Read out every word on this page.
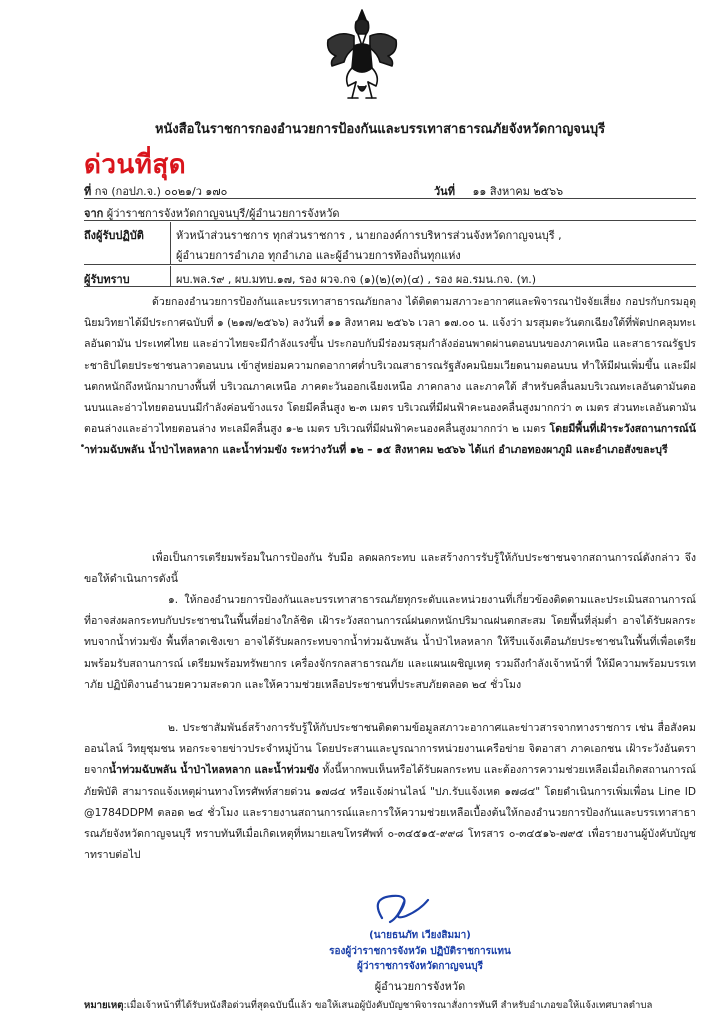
หนังสือในราชการกองอำนวยการป้องกันและบรรเทาสาธารณภัยจังหวัดกาญจนบุรี
ด่วนที่สุด
ที่ กจ (กอปภ.จ.) ๐๐๒๑/ว ๑๗๐	วันที่ ๑๑ สิงหาคม ๒๕๖๖
จาก ผู้ว่าราชการจังหวัดกาญจนบุรี/ผู้อำนวยการจังหวัด
ถึงผู้รับปฏิบัติ	หัวหน้าส่วนราชการ ทุกส่วนราชการ , นายกองค์การบริหารส่วนจังหวัดกาญจนบุรี ,
ผู้อำนวยการอำเภอ ทุกอำเภอ และผู้อำนวยการท้องถิ่นทุกแห่ง
ผู้รับทราบ	ผบ.พล.ร๙ , ผบ.มทบ.๑๗, รอง ผวจ.กจ (๑)(๒)(๓)(๔) , รอง ผอ.รมน.กจ. (ท.)

ด้วยกองอำนวยการป้องกันและบรรเทาสาธารณภัยกลาง ได้ติดตามสภาวะอากาศและพิจารณาปัจจัยเสี่ยง กอปรกับกรมอุตุนิยมวิทยาได้มีประกาศฉบับที่ ๑ (๒๑๗/๒๕๖๖) ลงวันที่ ๑๑ สิงหาคม ๒๕๖๖ เวลา ๑๗.๐๐ น. แจ้งว่า มรสุมตะวันตกเฉียงใต้ที่พัดปกคลุมทะเลอันดามัน ประเทศไทย และอ่าวไทยจะมีกำลังแรงขึ้น ประกอบกับมีร่องมรสุมกำลังอ่อนพาดผ่านตอนบนของภาคเหนือ และสาธารณรัฐประชาธิปไตยประชาชนลาวตอนบน เข้าสู่หย่อมความกดอากาศต่ำบริเวณสาธารณรัฐสังคมนิยมเวียดนามตอนบน ทำให้มีฝนเพิ่มขึ้น และมีฝนตกหนักถึงหนักมากบางพื้นที่ บริเวณภาคเหนือ ภาคตะวันออกเฉียงเหนือ ภาคกลาง และภาคใต้ สำหรับคลื่นลมบริเวณทะเลอันดามันตอนบนและอ่าวไทยตอนบนมีกำลังค่อนข้างแรง โดยมีคลื่นสูง ๒-๓ เมตร บริเวณที่มีฝนฟ้าคะนองคลื่นสูงมากกว่า ๓ เมตร ส่วนทะเลอันดามันตอนล่างและอ่าวไทยตอนล่าง ทะเลมีคลื่นสูง ๑-๒ เมตร บริเวณที่มีฝนฟ้าคะนองคลื่นสูงมากกว่า ๒ เมตร โดยมีพื้นที่เฝ้าระวังสถานการณ์น้ำท่วมฉับพลัน น้ำป่าไหลหลาก และน้ำท่วมขัง ระหว่างวันที่ ๑๒ – ๑๕ สิงหาคม ๒๕๖๖ ได้แก่ อำเภอทองผาภูมิ และอำเภอสังขละบุรี

เพื่อเป็นการเตรียมพร้อมในการป้องกัน รับมือ ลดผลกระทบ และสร้างการรับรู้ให้กับประชาชนจากสถานการณ์ดังกล่าว จึงขอให้ดำเนินการดังนี้

๑. ให้กองอำนวยการป้องกันและบรรเทาสาธารณภัยทุกระดับและหน่วยงานที่เกี่ยวข้องติดตามและประเมินสถานการณ์ที่อาจส่งผลกระทบกับประชาชนในพื้นที่อย่างใกล้ชิด เฝ้าระวังสถานการณ์ฝนตกหนักปริมาณฝนตกสะสม โดยพื้นที่ลุ่มต่ำ อาจได้รับผลกระทบจากน้ำท่วมขัง พื้นที่ลาดเชิงเขา อาจได้รับผลกระทบจากน้ำท่วมฉับพลัน น้ำป่าไหลหลาก ให้รีบแจ้งเตือนภัยประชาชนในพื้นที่เพื่อเตรียมพร้อมรับสถานการณ์ เตรียมพร้อมทรัพยากร เครื่องจักรกลสาธารณภัย และแผนเผชิญเหตุ รวมถึงกำลังเจ้าหน้าที่ ให้มีความพร้อมบรรเทาภัย ปฏิบัติงานอำนวยความสะดวก และให้ความช่วยเหลือประชาชนที่ประสบภัยตลอด ๒๔ ชั่วโมง

๒. ประชาสัมพันธ์สร้างการรับรู้ให้กับประชาชนติดตามข้อมูลสภาวะอากาศและข่าวสารจากทางราชการ เช่น สื่อสังคมออนไลน์ วิทยุชุมชน หอกระจายข่าวประจำหมู่บ้าน โดยประสานและบูรณาการหน่วยงานเครือข่าย จิตอาสา ภาคเอกชน เฝ้าระวังอันตรายจากน้ำท่วมฉับพลัน น้ำป่าไหลหลาก และน้ำท่วมขัง ทั้งนี้หากพบเห็นหรือได้รับผลกระทบ และต้องการความช่วยเหลือเมื่อเกิดสถานการณ์ภัยพิบัติ สามารถแจ้งเหตุผ่านทางโทรศัพท์สายด่วน ๑๗๘๔ หรือแจ้งผ่านไลน์ "ปภ.รับแจ้งเหต ๑๗๘๔" โดยดำเนินการเพิ่มเพื่อน Line ID @1784DDPM ตลอด ๒๔ ชั่วโมง และรายงานสถานการณ์และการให้ความช่วยเหลือเบื้องต้นให้กองอำนวยการป้องกันและบรรเทาสาธารณภัยจังหวัดกาญจนบุรี ทราบทันทีเมื่อเกิดเหตุที่หมายเลขโทรศัพท์ ๐-๓๔๕๑๕-๙๙๘ โทรสาร ๐-๓๔๕๑๖-๗๙๕ เพื่อรายงานผู้บังคับบัญชาทราบต่อไป

(นายธนภัท เวียงสิมมา)
รองผู้ว่าราชการจังหวัด ปฏิบัติราชการแทน
ผู้ว่าราชการจังหวัดกาญจนบุรี
ผู้อำนวยการจังหวัด
หมายเหตุ:เมื่อเจ้าหน้าที่ได้รับหนังสือด่วนที่สุดฉบับนี้แล้ว ขอให้เสนอผู้บังคับบัญชาพิจารณาสั่งการทันที สำหรับอำเภอขอให้แจ้งเทศบาลตำบล
